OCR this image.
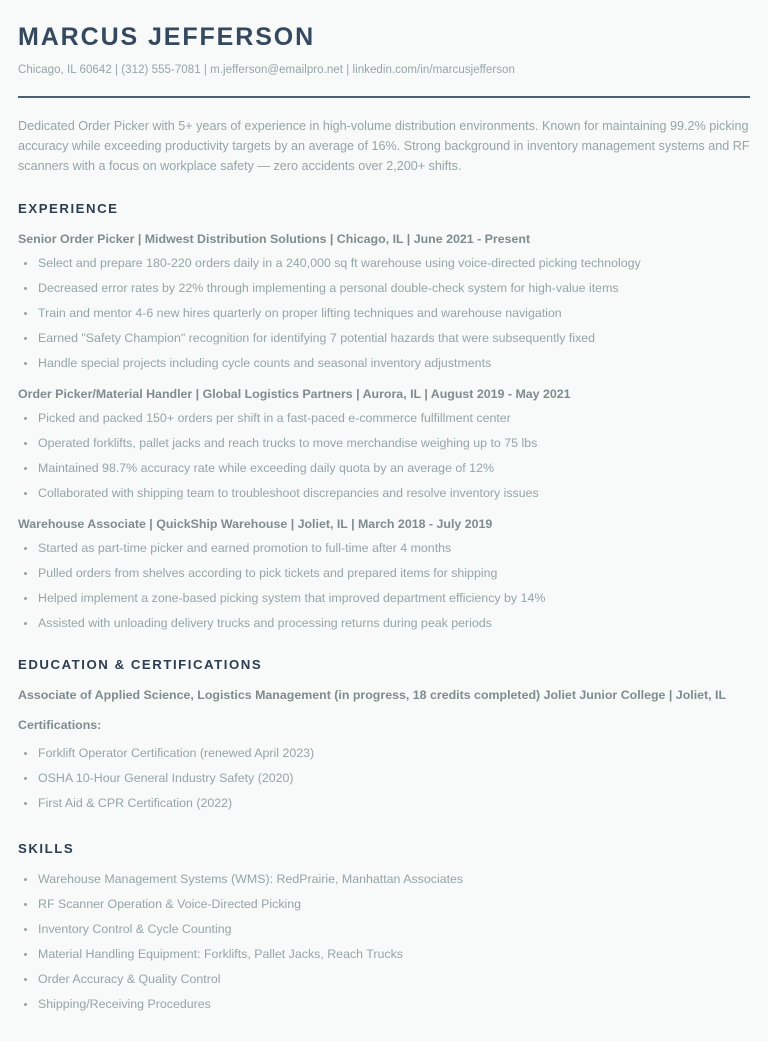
MARCUS JEFFERSON
Chicago, IL 60642 | (312) 555-7081 | m.jefferson@emailpro.net | linkedin.com/in/marcusjefferson
Dedicated Order Picker with 5+ years of experience in high-volume distribution environments. Known for maintaining 99.2% picking accuracy while exceeding productivity targets by an average of 16%. Strong background in inventory management systems and RF scanners with a focus on workplace safety — zero accidents over 2,200+ shifts.
EXPERIENCE
Senior Order Picker | Midwest Distribution Solutions | Chicago, IL | June 2021 - Present
Select and prepare 180-220 orders daily in a 240,000 sq ft warehouse using voice-directed picking technology
Decreased error rates by 22% through implementing a personal double-check system for high-value items
Train and mentor 4-6 new hires quarterly on proper lifting techniques and warehouse navigation
Earned "Safety Champion" recognition for identifying 7 potential hazards that were subsequently fixed
Handle special projects including cycle counts and seasonal inventory adjustments
Order Picker/Material Handler | Global Logistics Partners | Aurora, IL | August 2019 - May 2021
Picked and packed 150+ orders per shift in a fast-paced e-commerce fulfillment center
Operated forklifts, pallet jacks and reach trucks to move merchandise weighing up to 75 lbs
Maintained 98.7% accuracy rate while exceeding daily quota by an average of 12%
Collaborated with shipping team to troubleshoot discrepancies and resolve inventory issues
Warehouse Associate | QuickShip Warehouse | Joliet, IL | March 2018 - July 2019
Started as part-time picker and earned promotion to full-time after 4 months
Pulled orders from shelves according to pick tickets and prepared items for shipping
Helped implement a zone-based picking system that improved department efficiency by 14%
Assisted with unloading delivery trucks and processing returns during peak periods
EDUCATION & CERTIFICATIONS
Associate of Applied Science, Logistics Management (in progress, 18 credits completed) Joliet Junior College | Joliet, IL
Certifications:
Forklift Operator Certification (renewed April 2023)
OSHA 10-Hour General Industry Safety (2020)
First Aid & CPR Certification (2022)
SKILLS
Warehouse Management Systems (WMS): RedPrairie, Manhattan Associates
RF Scanner Operation & Voice-Directed Picking
Inventory Control & Cycle Counting
Material Handling Equipment: Forklifts, Pallet Jacks, Reach Trucks
Order Accuracy & Quality Control
Shipping/Receiving Procedures
